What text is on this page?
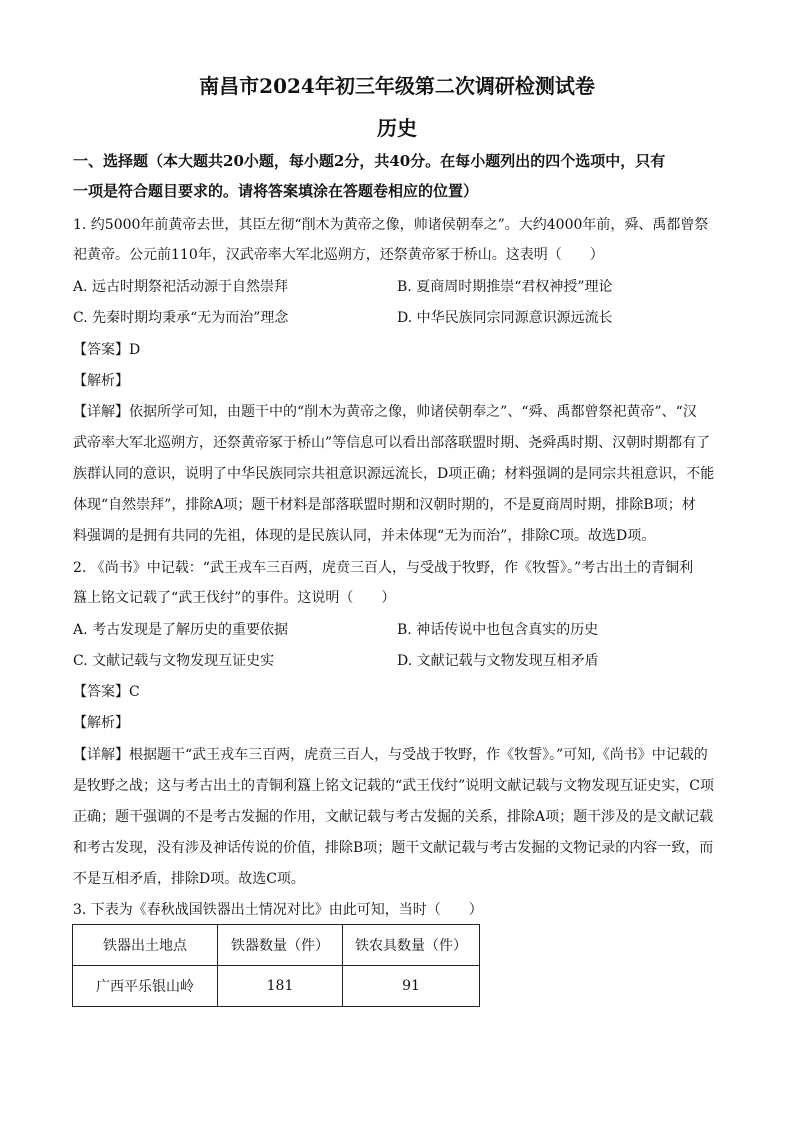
南昌市2024年初三年级第二次调研检测试卷
历史
一、选择题（本大题共20小题，每小题2分，共40分。在每小题列出的四个选项中，只有
一项是符合题目要求的。请将答案填涂在答题卷相应的位置）
1. 约5000年前黄帝去世，其臣左彻“削木为黄帝之像，帅诸侯朝奉之”。大约4000年前，舜、禹都曾祭
祀黄帝。公元前110年，汉武帝率大军北巡朔方，还祭黄帝冢于桥山。这表明（　　）
A. 远古时期祭祀活动源于自然崇拜	B. 夏商周时期推崇“君权神授”理论
C. 先秦时期均秉承“无为而治”理念	D. 中华民族同宗同源意识源远流长
【答案】D
【解析】
【详解】依据所学可知，由题干中的“削木为黄帝之像，帅诸侯朝奉之”、“舜、禹都曾祭祀黄帝”、“汉
武帝率大军北巡朔方，还祭黄帝冢于桥山”等信息可以看出部落联盟时期、尧舜禹时期、汉朝时期都有了
族群认同的意识，说明了中华民族同宗共祖意识源远流长，D项正确；材料强调的是同宗共祖意识，不能
体现“自然崇拜”，排除A项；题干材料是部落联盟时期和汉朝时期的，不是夏商周时期，排除B项；材
料强调的是拥有共同的先祖，体现的是民族认同，并未体现“无为而治”，排除C项。故选D项。
2. 《尚书》中记载：“武王戎车三百两，虎贲三百人，与受战于牧野，作《牧誓》。”考古出土的青铜利
簋上铭文记载了“武王伐纣”的事件。这说明（　　）
A. 考古发现是了解历史的重要依据	B. 神话传说中也包含真实的历史
C. 文献记载与文物发现互证史实	D. 文献记载与文物发现互相矛盾
【答案】C
【解析】
【详解】根据题干“武王戎车三百两，虎贲三百人，与受战于牧野，作《牧誓》。”可知,《尚书》中记载的
是牧野之战；这与考古出土的青铜利簋上铭文记载的“武王伐纣”说明文献记载与文物发现互证史实，C项
正确；题干强调的不是考古发掘的作用，文献记载与考古发掘的关系，排除A项；题干涉及的是文献记载
和考古发现，没有涉及神话传说的价值，排除B项；题干文献记载与考古发掘的文物记录的内容一致，而
不是互相矛盾，排除D项。故选C项。
3. 下表为《春秋战国铁器出土情况对比》由此可知，当时（　　）
铁器出土地点	铁器数量（件）	铁农具数量（件）
广西平乐银山岭	181	91
